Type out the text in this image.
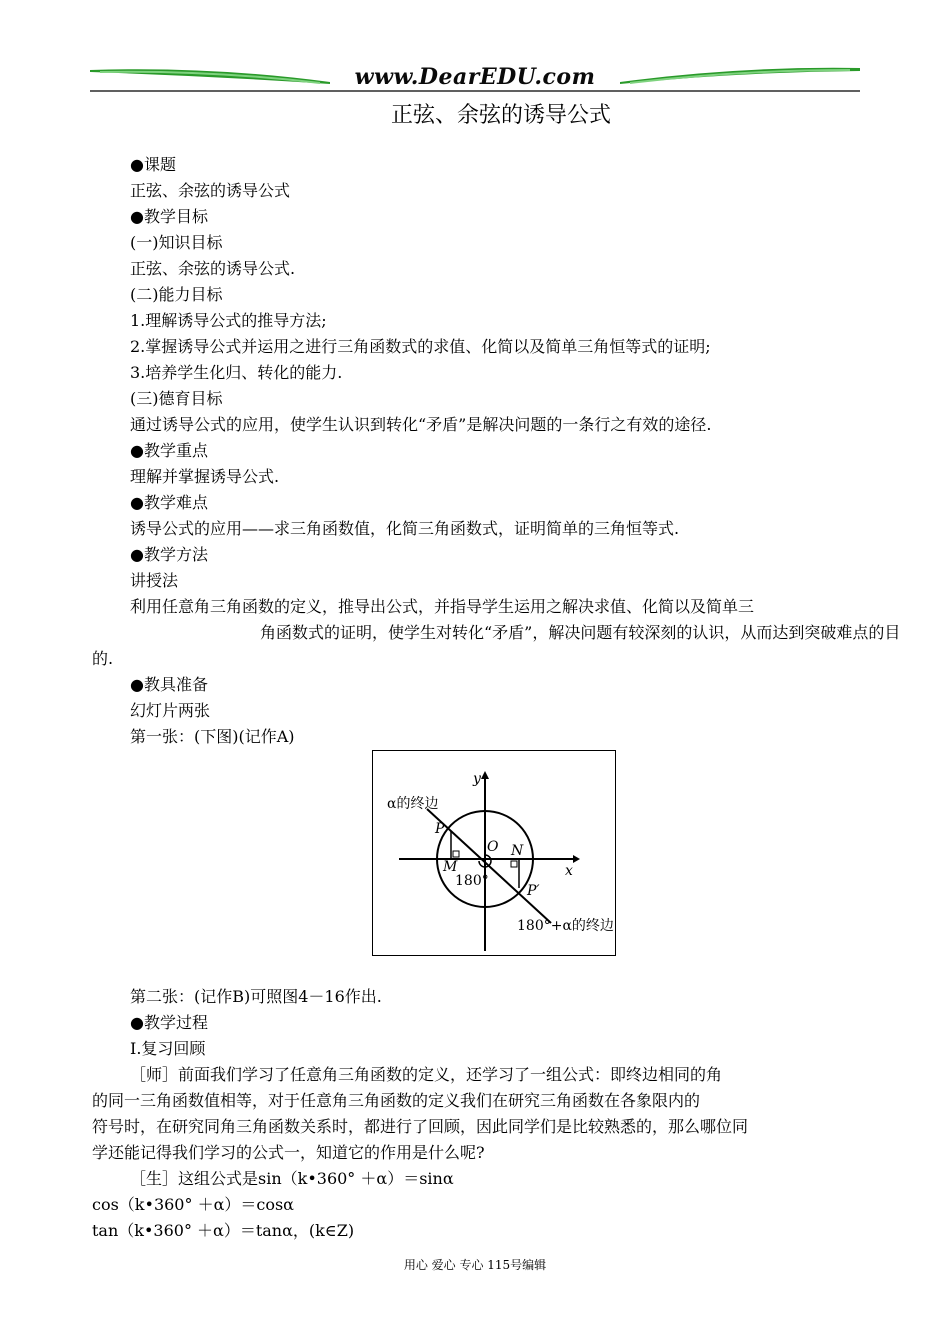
www.DearEDU.com
正弦、余弦的诱导公式

●课题

正弦、余弦的诱导公式

●教学目标

(一)知识目标

正弦、余弦的诱导公式.

(二)能力目标

1.理解诱导公式的推导方法;

2.掌握诱导公式并运用之进行三角函数式的求值、化简以及简单三角恒等式的证明;

3.培养学生化归、转化的能力.

(三)德育目标

通过诱导公式的应用，使学生认识到转化“矛盾”是解决问题的一条行之有效的途径.

●教学重点

理解并掌握诱导公式.

●教学难点

诱导公式的应用——求三角函数值，化简三角函数式，证明简单的三角恒等式.

●教学方法

讲授法

利用任意角三角函数的定义，推导出公式，并指导学生运用之解决求值、化简以及简单三

角函数式的证明，使学生对转化“矛盾”，解决问题有较深刻的认识，从而达到突破难点的目

的.

●教具准备

幻灯片两张

第一张：(下图)(记作A)

y
x
α的终边
P
O N
M
180°
P′
180°+α的终边

第二张：(记作B)可照图4－16作出.

●教学过程

Ⅰ.复习回顾

［师］前面我们学习了任意角三角函数的定义，还学习了一组公式：即终边相同的角

的同一三角函数值相等，对于任意角三角函数的定义我们在研究三角函数在各象限内的

符号时，在研究同角三角函数关系时，都进行了回顾，因此同学们是比较熟悉的，那么哪位同

学还能记得我们学习的公式一，知道它的作用是什么呢?

［生］这组公式是sin（k•360° ＋α）＝sinα

cos（k•360° ＋α）＝cosα

tan（k•360° ＋α）＝tanα，(k∈Z)

用心 爱心 专心 115号编辑
